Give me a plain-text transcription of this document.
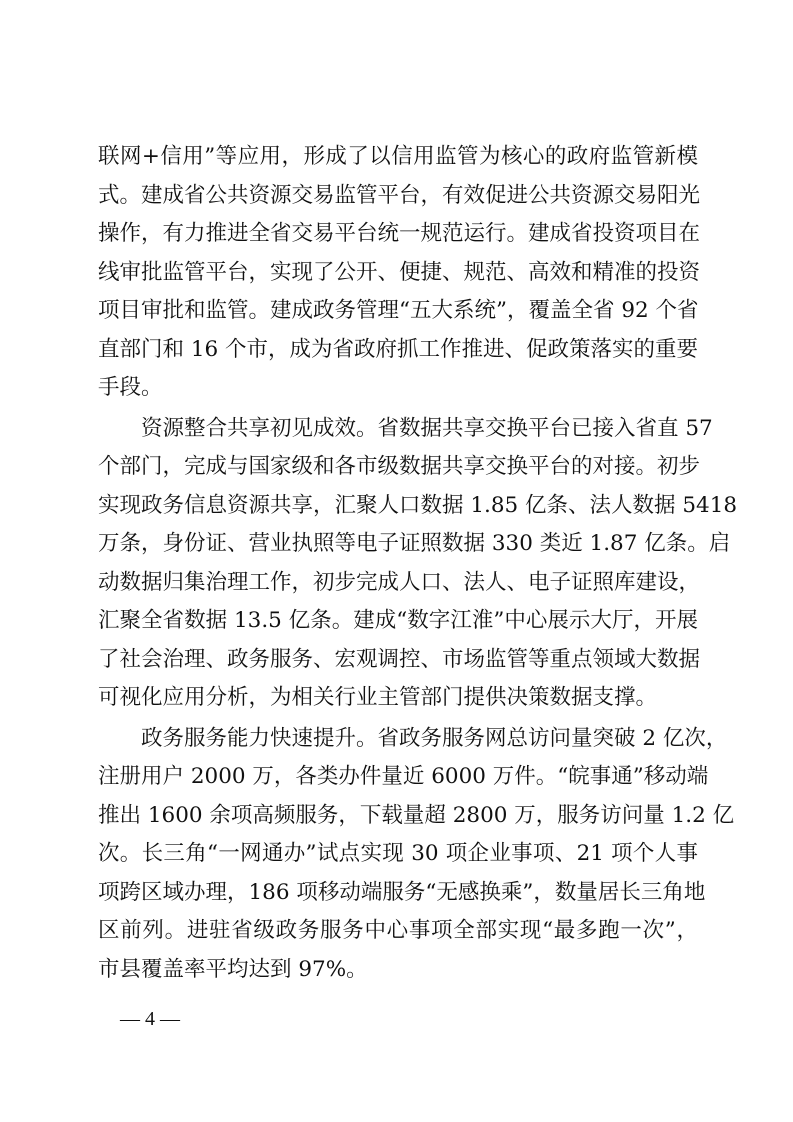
联网+信用”等应用，形成了以信用监管为核心的政府监管新模
式。建成省公共资源交易监管平台，有效促进公共资源交易阳光
操作，有力推进全省交易平台统一规范运行。建成省投资项目在
线审批监管平台，实现了公开、便捷、规范、高效和精准的投资
项目审批和监管。建成政务管理“五大系统”，覆盖全省 92 个省
直部门和 16 个市，成为省政府抓工作推进、促政策落实的重要
手段。
资源整合共享初见成效。省数据共享交换平台已接入省直 57
个部门，完成与国家级和各市级数据共享交换平台的对接。初步
实现政务信息资源共享，汇聚人口数据 1.85 亿条、法人数据 5418
万条，身份证、营业执照等电子证照数据 330 类近 1.87 亿条。启
动数据归集治理工作，初步完成人口、法人、电子证照库建设，
汇聚全省数据 13.5 亿条。建成“数字江淮”中心展示大厅，开展
了社会治理、政务服务、宏观调控、市场监管等重点领域大数据
可视化应用分析，为相关行业主管部门提供决策数据支撑。
政务服务能力快速提升。省政务服务网总访问量突破 2 亿次，
注册用户 2000 万，各类办件量近 6000 万件。“皖事通”移动端
推出 1600 余项高频服务，下载量超 2800 万，服务访问量 1.2 亿
次。长三角“一网通办”试点实现 30 项企业事项、21 项个人事
项跨区域办理，186 项移动端服务“无感换乘”，数量居长三角地
区前列。进驻省级政务服务中心事项全部实现“最多跑一次”，
市县覆盖率平均达到 97%。
— 4 —
